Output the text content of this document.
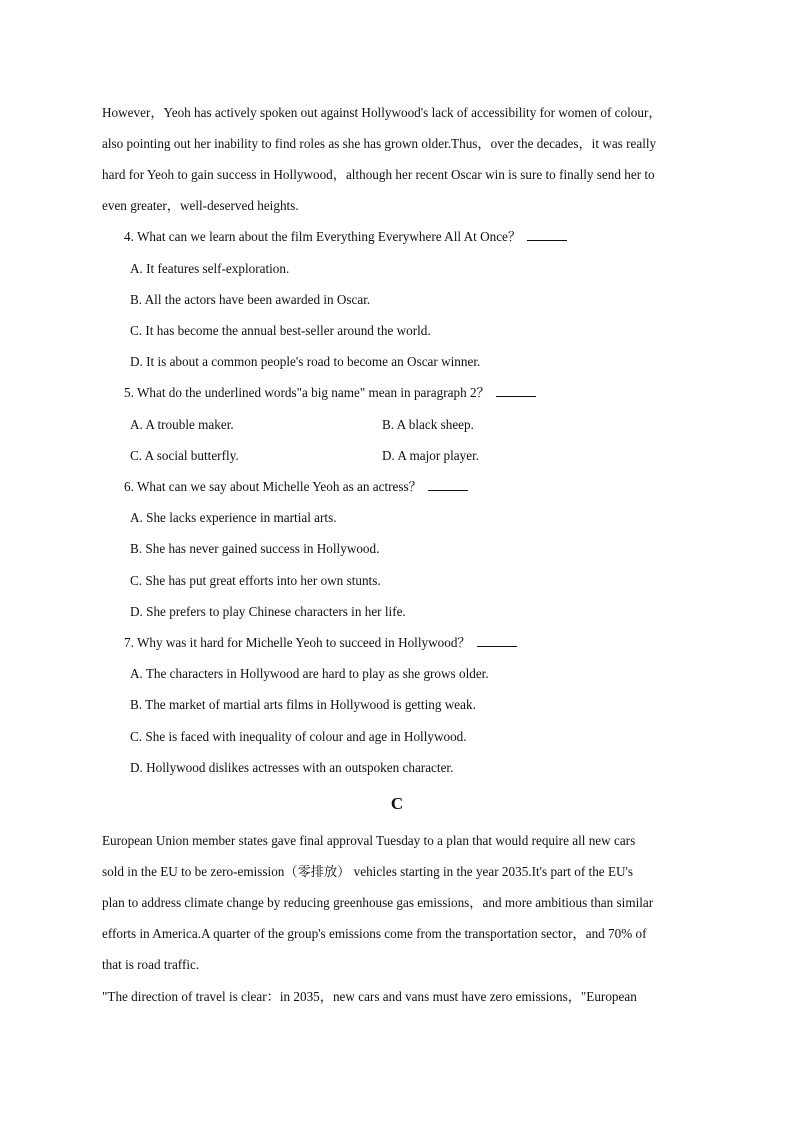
However，Yeoh has actively spoken out against Hollywood's lack of accessibility for women of colour，
also pointing out her inability to find roles as she has grown older.Thus，over the decades，it was really
hard for Yeoh to gain success in Hollywood，although her recent Oscar win is sure to finally send her to
even greater，well-deserved heights.
4. What can we learn about the film Everything Everywhere All At Once？
A. It features self-exploration.
B. All the actors have been awarded in Oscar.
C. It has become the annual best-seller around the world.
D. It is about a common people's road to become an Oscar winner.
5. What do the underlined words"a big name" mean in paragraph 2？
A. A trouble maker.	B. A black sheep.
C. A social butterfly.	D. A major player.
6. What can we say about Michelle Yeoh as an actress？
A. She lacks experience in martial arts.
B. She has never gained success in Hollywood.
C. She has put great efforts into her own stunts.
D. She prefers to play Chinese characters in her life.
7. Why was it hard for Michelle Yeoh to succeed in Hollywood？
A. The characters in Hollywood are hard to play as she grows older.
B. The market of martial arts films in Hollywood is getting weak.
C. She is faced with inequality of colour and age in Hollywood.
D. Hollywood dislikes actresses with an outspoken character.
C
European Union member states gave final approval Tuesday to a plan that would require all new cars
sold in the EU to be zero-emission（零排放） vehicles starting in the year 2035.It's part of the EU's
plan to address climate change by reducing greenhouse gas emissions，and more ambitious than similar
efforts in America.A quarter of the group's emissions come from the transportation sector，and 70% of
that is road traffic.
"The direction of travel is clear：in 2035，new cars and vans must have zero emissions，"European
